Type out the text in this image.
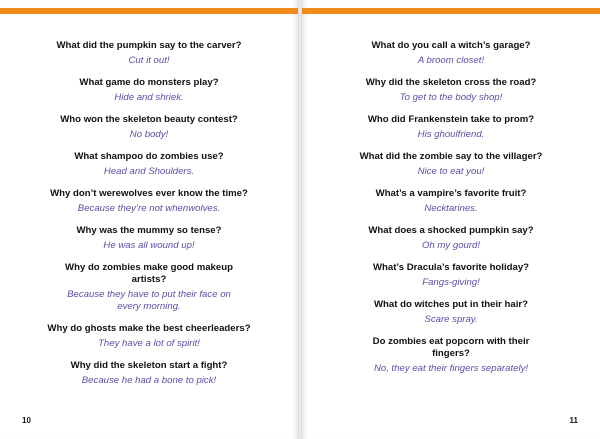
What did the pumpkin say to the carver?
Cut it out!
What game do monsters play?
Hide and shriek.
Who won the skeleton beauty contest?
No body!
What shampoo do zombies use?
Head and Shoulders.
Why don’t werewolves ever know the time?
Because they’re not whenwolves.
Why was the mummy so tense?
He was all wound up!
Why do zombies make good makeup artists?
Because they have to put their face on every morning.
Why do ghosts make the best cheerleaders?
They have a lot of spirit!
Why did the skeleton start a fight?
Because he had a bone to pick!
10
What do you call a witch’s garage?
A broom closet!
Why did the skeleton cross the road?
To get to the body shop!
Who did Frankenstein take to prom?
His ghoulfriend.
What did the zombie say to the villager?
Nice to eat you!
What’s a vampire’s favorite fruit?
Necktarines.
What does a shocked pumpkin say?
Oh my gourd!
What’s Dracula’s favorite holiday?
Fangs-giving!
What do witches put in their hair?
Scare spray.
Do zombies eat popcorn with their fingers?
No, they eat their fingers separately!
11
